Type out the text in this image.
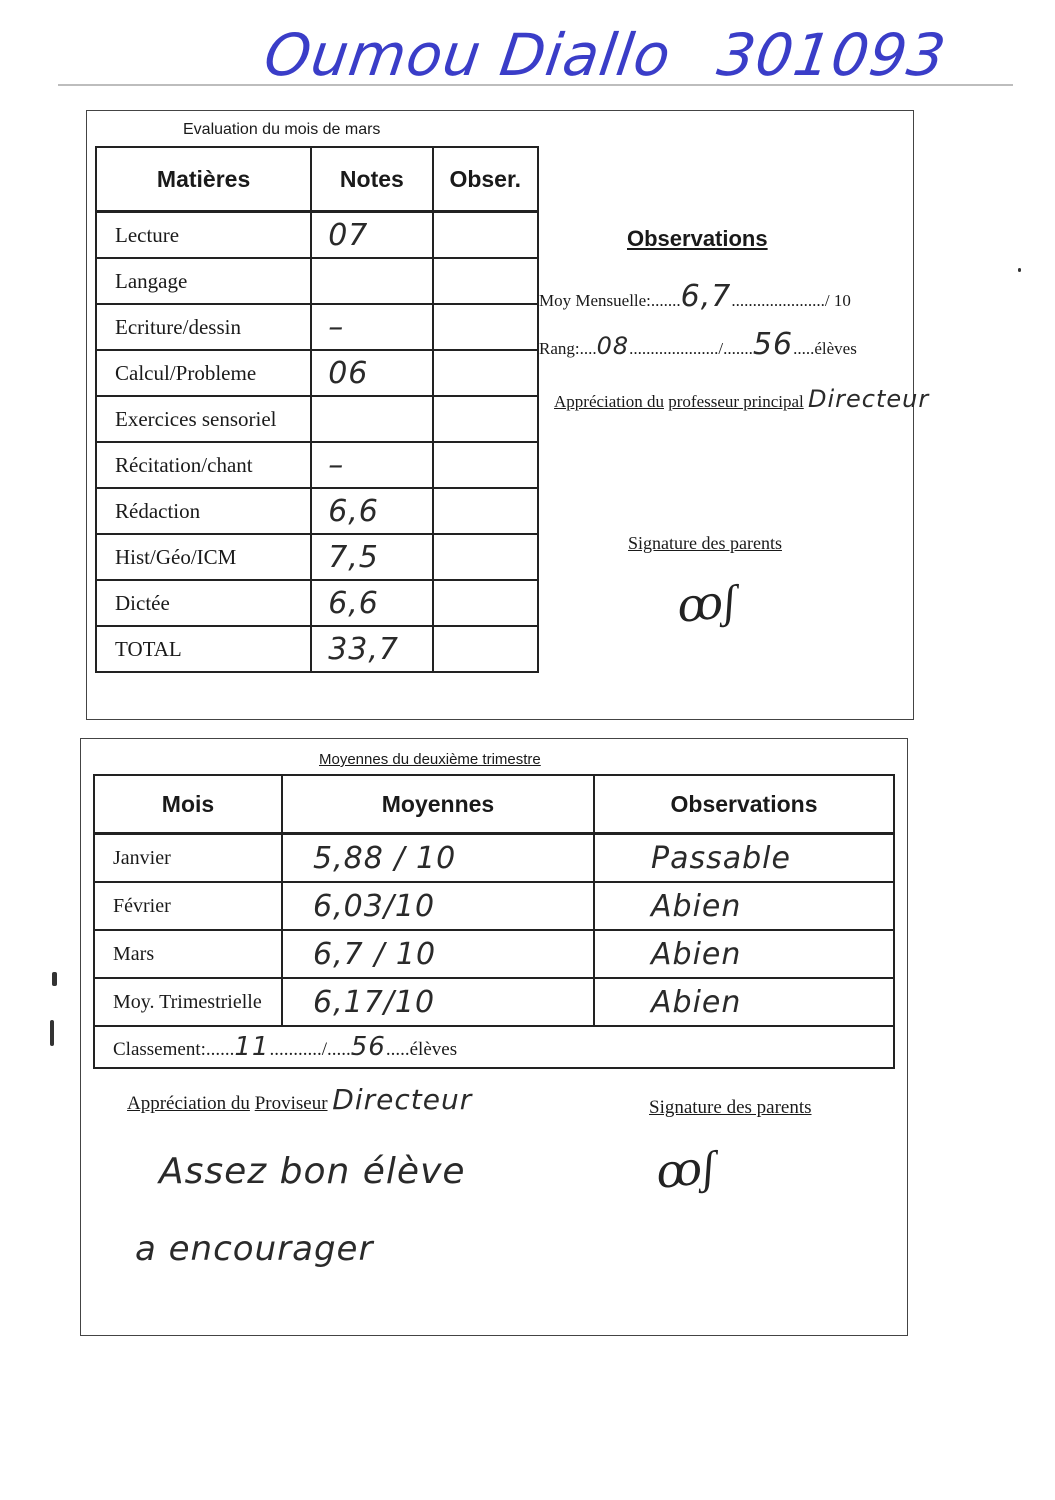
Oumou Diallo 301093
Evaluation du mois de mars
Matières	Notes	Obser.
Lecture	07	
Langage		
Ecriture/dessin	–	
Calcul/Probleme	06	
Exercices sensoriel		
Récitation/chant	–	
Rédaction	6,6	
Hist/Géo/ICM	7,5	
Dictée	6,6	
TOTAL	33,7	
Observations
Moy Mensuelle:.......6,7....................../ 10
Rang:....08...................../.......56.....élèves
Appréciation du professeur principal Directeur
Signature des parents
ꝏʃ
Moyennes du deuxième trimestre
Mois	Moyennes	Observations
Janvier	5,88 / 10	Passable
Février	6,03/10	Abien
Mars	6,7 / 10	Abien
Moy. Trimestrielle	6,17/10	Abien
Classement:......11.........../.....56.....élèves		
Appréciation du Proviseur Directeur	Signature des parents
ꝏʃ
Assez bon élève
a encourager
